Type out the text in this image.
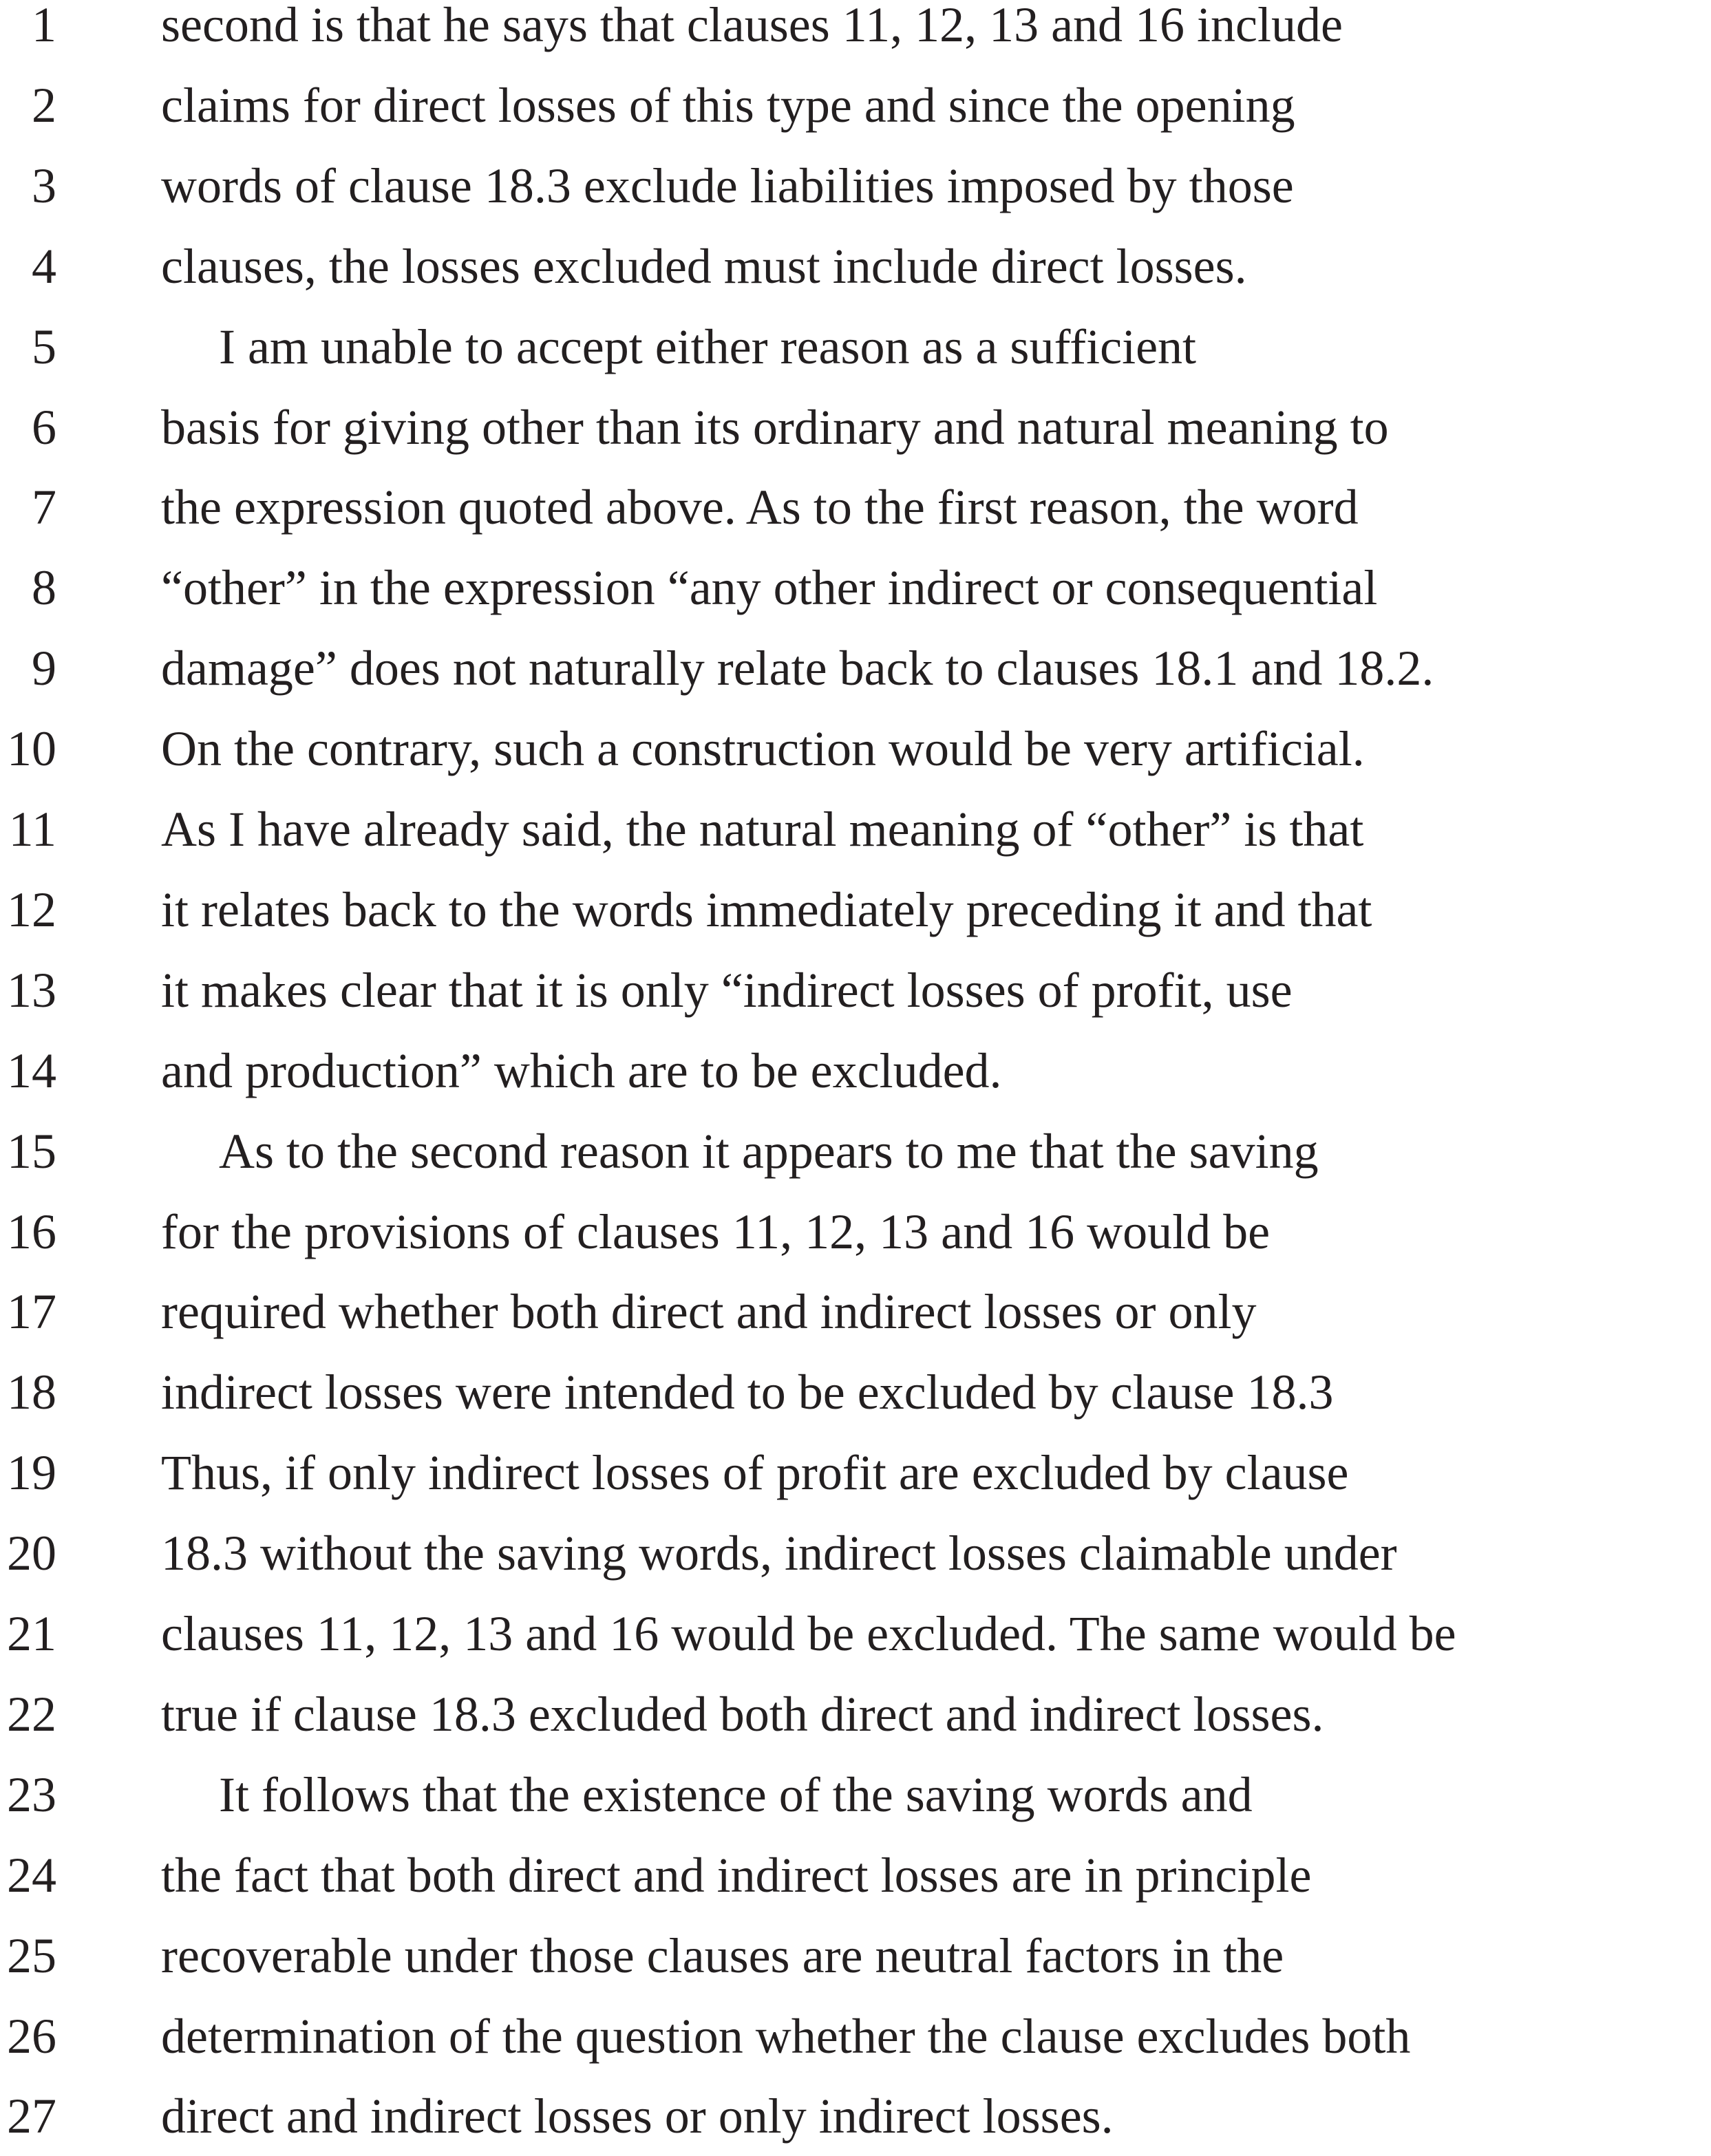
1 second is that he says that clauses 11, 12, 13 and 16 include
2 claims for direct losses of this type and since the opening
3 words of clause 18.3 exclude liabilities imposed by those
4 clauses, the losses excluded must include direct losses.
5	I am unable to accept either reason as a sufficient
6 basis for giving other than its ordinary and natural meaning to
7 the expression quoted above. As to the first reason, the word
8 “other” in the expression “any other indirect or consequential
9 damage” does not naturally relate back to clauses 18.1 and 18.2.
10 On the contrary, such a construction would be very artificial.
11 As I have already said, the natural meaning of “other” is that
12 it relates back to the words immediately preceding it and that
13 it makes clear that it is only “indirect losses of profit, use
14 and production” which are to be excluded.
15	As to the second reason it appears to me that the saving
16 for the provisions of clauses 11, 12, 13 and 16 would be
17 required whether both direct and indirect losses or only
18 indirect losses were intended to be excluded by clause 18.3
19 Thus, if only indirect losses of profit are excluded by clause
20 18.3 without the saving words, indirect losses claimable under
21 clauses 11, 12, 13 and 16 would be excluded. The same would be
22 true if clause 18.3 excluded both direct and indirect losses.
23	It follows that the existence of the saving words and
24 the fact that both direct and indirect losses are in principle
25 recoverable under those clauses are neutral factors in the
26 determination of the question whether the clause excludes both
27 direct and indirect losses or only indirect losses.
